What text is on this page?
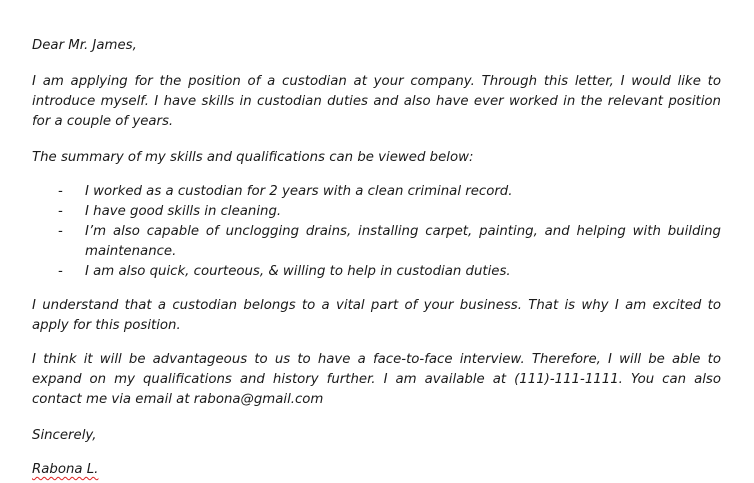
Dear Mr. James,

I am applying for the position of a custodian at your company. Through this letter, I would like to introduce myself. I have skills in custodian duties and also have ever worked in the relevant position for a couple of years.

The summary of my skills and qualifications can be viewed below:

- I worked as a custodian for 2 years with a clean criminal record.
- I have good skills in cleaning.
- I’m also capable of unclogging drains, installing carpet, painting, and helping with building maintenance.
- I am also quick, courteous, & willing to help in custodian duties.

I understand that a custodian belongs to a vital part of your business. That is why I am excited to apply for this position.

I think it will be advantageous to us to have a face-to-face interview. Therefore, I will be able to expand on my qualifications and history further. I am available at (111)-111-1111. You can also contact me via email at rabona@gmail.com

Sincerely,

Rabona L.
